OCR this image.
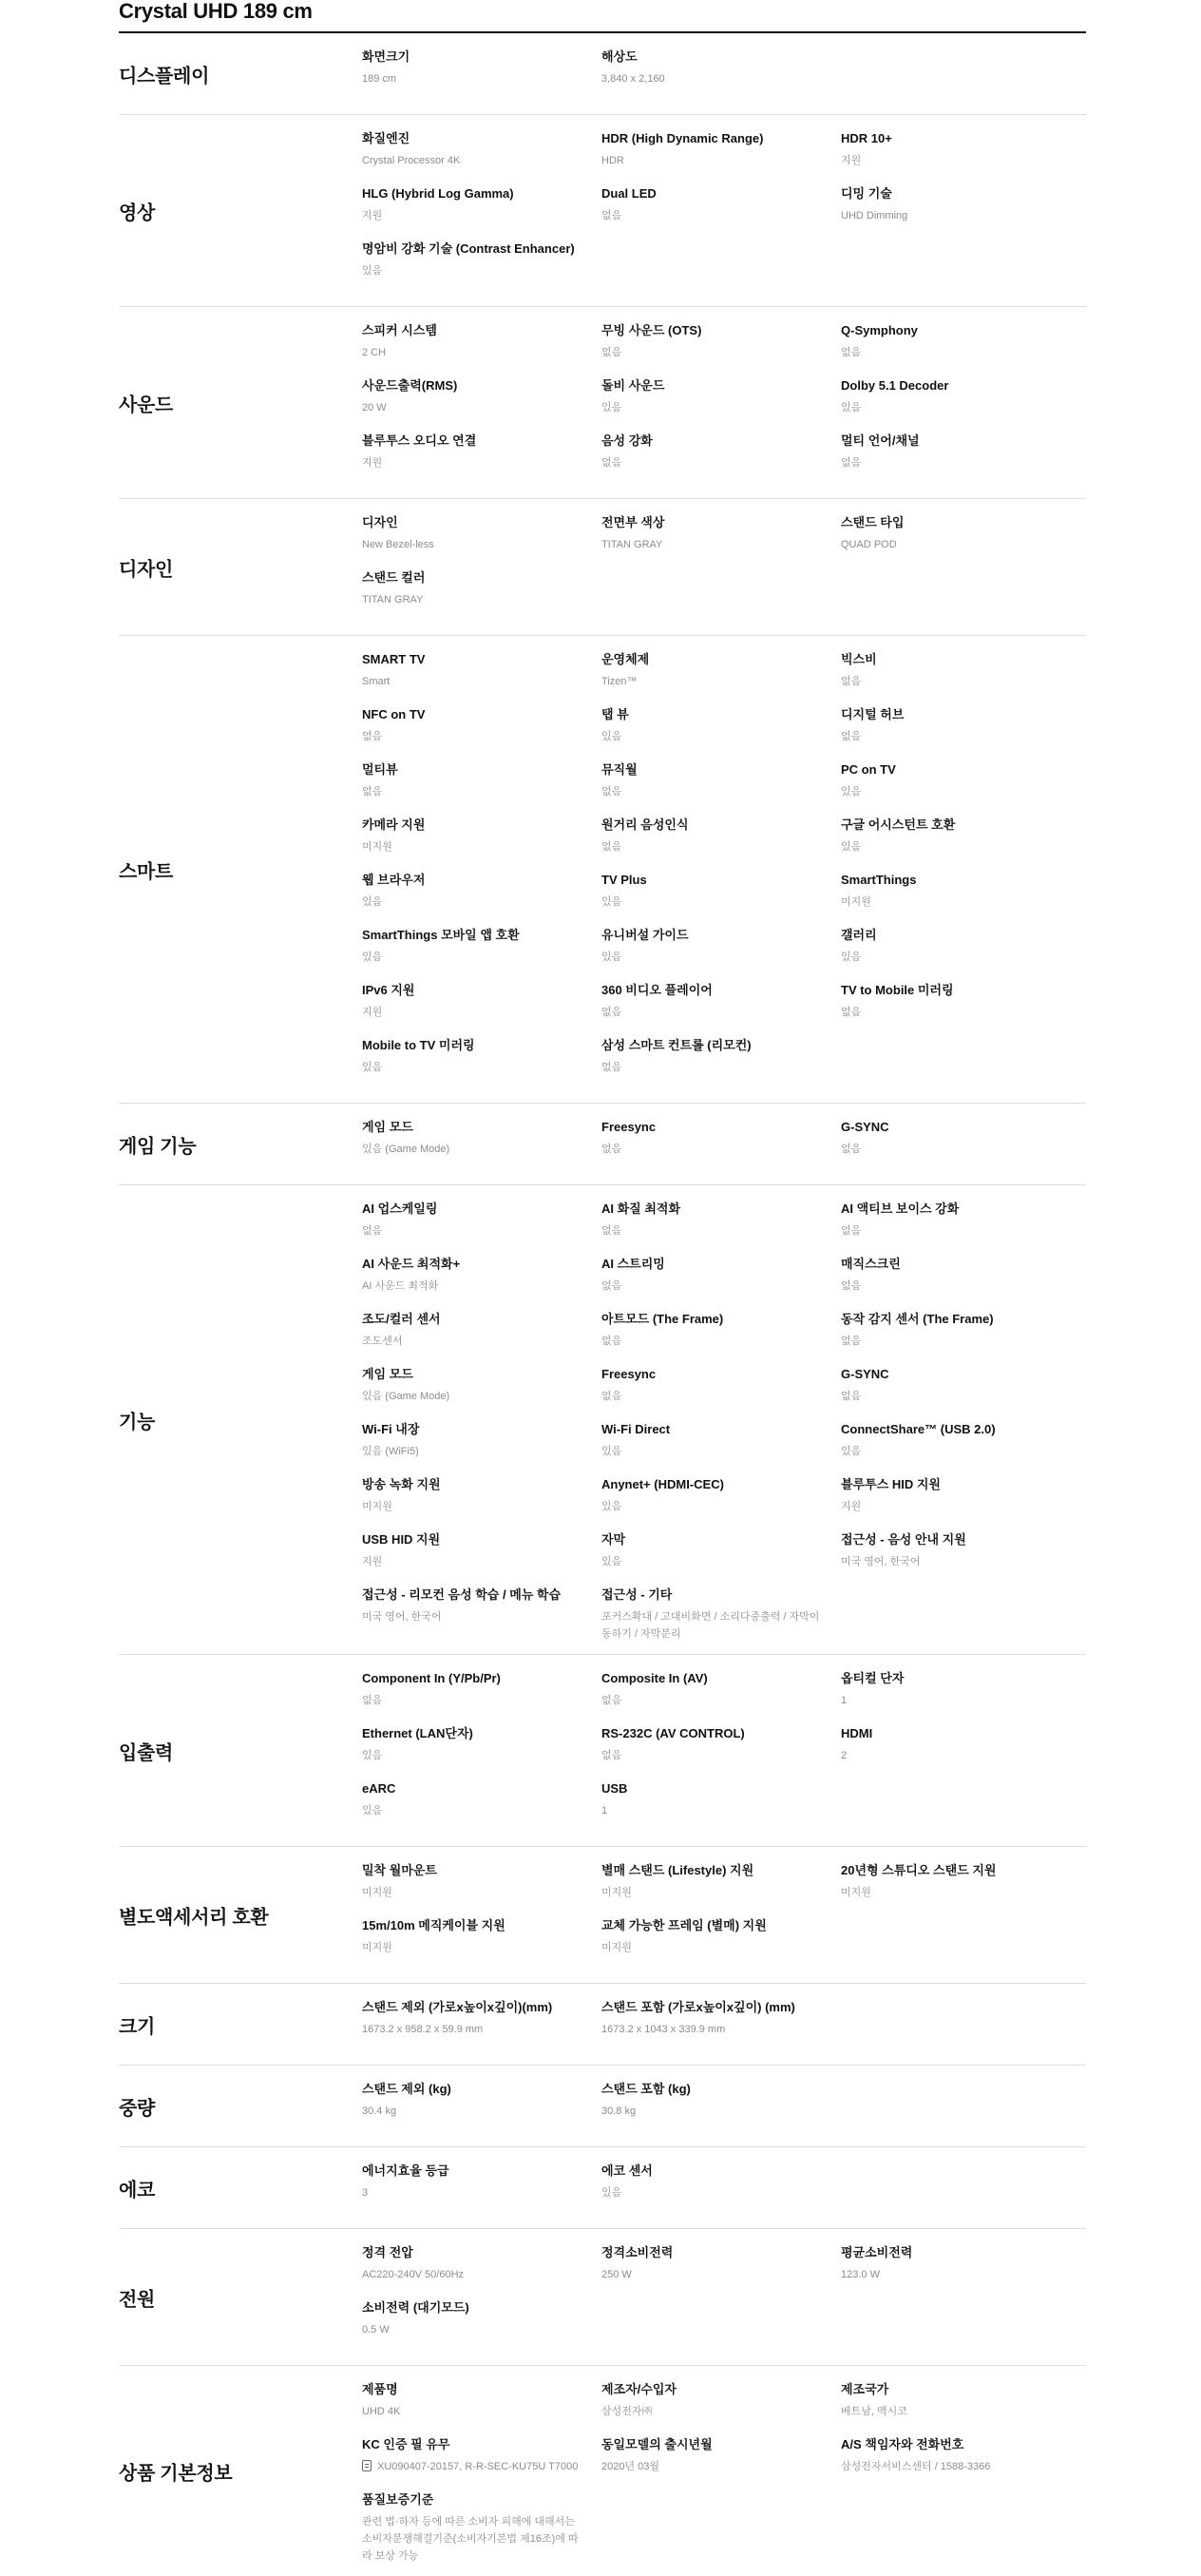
Crystal UHD 189 cm
디스플레이
화면크기
189 cm
해상도
3,840 x 2,160
영상
화질엔진
Crystal Processor 4K
HDR (High Dynamic Range)
HDR
HDR 10+
지원
HLG (Hybrid Log Gamma)
지원
Dual LED
없음
디밍 기술
UHD Dimming
명암비 강화 기술 (Contrast Enhancer)
있음
사운드
스피커 시스템
2 CH
무빙 사운드 (OTS)
없음
Q-Symphony
없음
사운드출력(RMS)
20 W
돌비 사운드
있음
Dolby 5.1 Decoder
있음
블루투스 오디오 연결
지원
음성 강화
없음
멀티 언어/채널
없음
디자인
디자인
New Bezel-less
전면부 색상
TITAN GRAY
스탠드 타입
QUAD POD
스탠드 컬러
TITAN GRAY
스마트
SMART TV
Smart
운영체제
Tizen™
빅스비
없음
NFC on TV
없음
탭 뷰
있음
디지털 허브
없음
멀티뷰
없음
뮤직월
없음
PC on TV
있음
카메라 지원
미지원
원거리 음성인식
없음
구글 어시스턴트 호환
있음
웹 브라우저
있음
TV Plus
있음
SmartThings
미지원
SmartThings 모바일 앱 호환
있음
유니버설 가이드
있음
갤러리
있음
IPv6 지원
지원
360 비디오 플레이어
없음
TV to Mobile 미러링
없음
Mobile to TV 미러링
있음
삼성 스마트 컨트롤 (리모컨)
없음
게임 기능
게임 모드
있음 (Game Mode)
Freesync
없음
G-SYNC
없음
기능
AI 업스케일링
없음
AI 화질 최적화
없음
AI 액티브 보이스 강화
없음
AI 사운드 최적화+
AI 사운드 최적화
AI 스트리밍
없음
매직스크린
없음
조도/컬러 센서
조도센서
아트모드 (The Frame)
없음
동작 감지 센서 (The Frame)
없음
게임 모드
있음 (Game Mode)
Freesync
없음
G-SYNC
없음
Wi-Fi 내장
있음 (WiFi5)
Wi-Fi Direct
있음
ConnectShare™ (USB 2.0)
있음
방송 녹화 지원
미지원
Anynet+ (HDMI-CEC)
있음
블루투스 HID 지원
지원
USB HID 지원
지원
자막
있음
접근성 - 음성 안내 지원
미국 영어, 한국어
접근성 - 리모컨 음성 학습 / 메뉴 학습
미국 영어, 한국어
접근성 - 기타
포커스확대 / 고대비화면 / 소리다중출력 / 자막이동하기 / 자막분리
입출력
Component In (Y/Pb/Pr)
없음
Composite In (AV)
없음
옵티컬 단자
1
Ethernet (LAN단자)
있음
RS-232C (AV CONTROL)
없음
HDMI
2
eARC
있음
USB
1
별도액세서리 호환
밀착 월마운트
미지원
별매 스탠드 (Lifestyle) 지원
미지원
20년형 스튜디오 스탠드 지원
미지원
15m/10m 메직케이블 지원
미지원
교체 가능한 프레임 (별매) 지원
미지원
크기
스탠드 제외 (가로x높이x깊이)(mm)
1673.2 x 958.2 x 59.9 mm
스탠드 포함 (가로x높이x깊이) (mm)
1673.2 x 1043 x 339.9 mm
중량
스탠드 제외 (kg)
30.4 kg
스탠드 포함 (kg)
30.8 kg
에코
에너지효율 등급
3
에코 센서
있음
전원
정격 전압
AC220-240V 50/60Hz
정격소비전력
250 W
평균소비전력
123.0 W
소비전력 (대기모드)
0.5 W
상품 기본정보
제품명
UHD 4K
제조자/수입자
삼성전자㈜
제조국가
베트남, 멕시코
KC 인증 필 유무
XU090407-20157, R-R-SEC-KU75U T7000
동일모델의 출시년월
2020년 03월
A/S 책임자와 전화번호
삼성전자서비스센터 / 1588-3366
품질보증기준
관련 법·하자 등에 따른 소비자 피해에 대해서는 소비자분쟁해결기준(소비자기본법 제16조)에 따라 보상 가능
